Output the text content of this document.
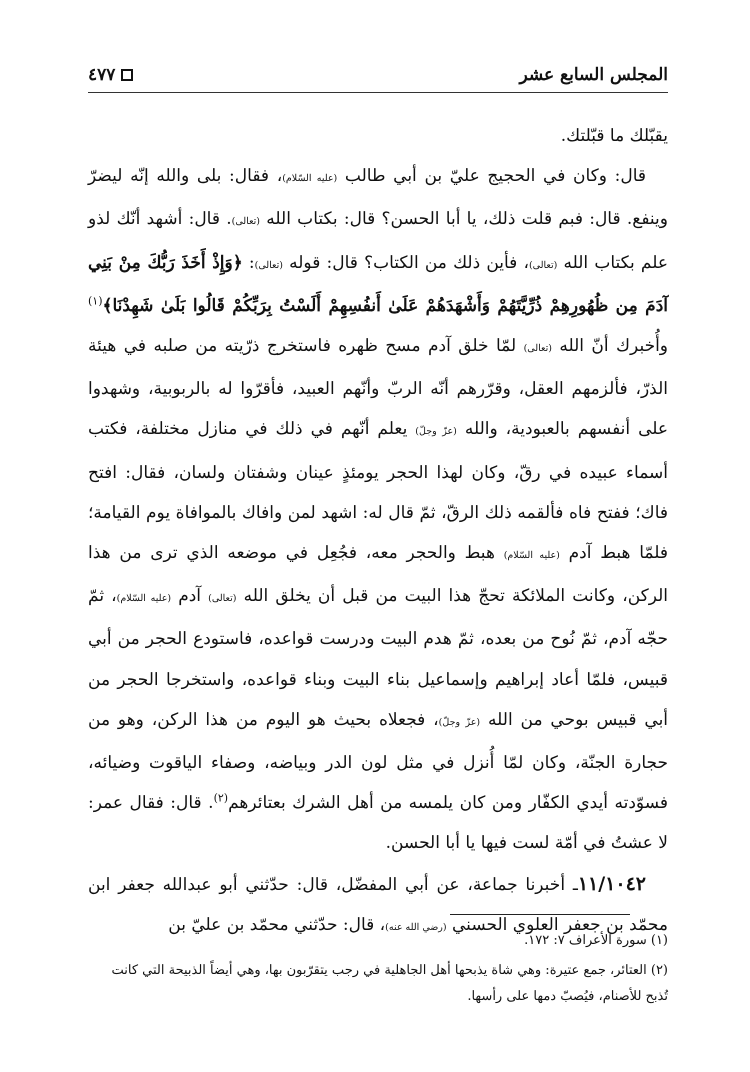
المجلس السابع عشر
٤٧٧

يقبّلك ما قبّلتك.

قال: وكان في الحجيج عليّ بن أبي طالب (عليه السّلام)، فقال: بلى والله إنّه ليضرّ وينفع. قال: فبم قلت ذلك، يا أبا الحسن؟ قال: بكتاب الله (تعالى). قال: أشهد أنّك لذو علم بكتاب الله (تعالى)، فأين ذلك من الكتاب؟ قال: قوله (تعالى): ﴿وَإِذْ أَخَذَ رَبُّكَ مِنْ بَنِي آدَمَ مِن ظُهُورِهِمْ ذُرِّيَّتَهُمْ وَأَشْهَدَهُمْ عَلَىٰ أَنفُسِهِمْ أَلَسْتُ بِرَبِّكُمْ قَالُوا بَلَىٰ شَهِدْنَا﴾$^{(١)}$ وأُخبرك أنّ الله (تعالى) لمّا خلق آدم مسح ظهره فاستخرج ذرّيته من صلبه في هيئة الذرّ، فألزمهم العقل، وقرّرهم أنّه الربّ وأنّهم العبيد، فأقرّوا له بالربوبية، وشهدوا على أنفسهم بالعبودية، والله (عزّ وجلّ) يعلم أنّهم في ذلك في منازل مختلفة، فكتب أسماء عبيده في رقّ، وكان لهذا الحجر يومئذٍ عينان وشفتان ولسان، فقال: افتح فاك؛ ففتح فاه فألقمه ذلك الرقّ، ثمّ قال له: اشهد لمن وافاك بالموافاة يوم القيامة؛ فلمّا هبط آدم (عليه السّلام) هبط والحجر معه، فجُعِل في موضعه الذي ترى من هذا الركن، وكانت الملائكة تحجّ هذا البيت من قبل أن يخلق الله (تعالى) آدم (عليه السّلام)، ثمّ حجّه آدم، ثمّ نُوح من بعده، ثمّ هدم البيت ودرست قواعده، فاستودع الحجر من أبي قبيس، فلمّا أعاد إبراهيم وإسماعيل بناء البيت وبناء قواعده، واستخرجا الحجر من أبي قبيس بوحي من الله (عزّ وجلّ)، فجعلاه بحيث هو اليوم من هذا الركن، وهو من حجارة الجنّة، وكان لمّا أُنزل في مثل لون الدر وبياضه، وصفاء الياقوت وضيائه، فسوّدته أيدي الكفّار ومن كان يلمسه من أهل الشرك بعتائرهم$^{(٢)}$. قال: فقال عمر: لا عشتُ في أمّة لست فيها يا أبا الحسن.

١١/١٠٤٢ـ أخبرنا جماعة، عن أبي المفضّل، قال: حدّثني أبو عبدالله جعفر ابن محمّد بن جعفر العلوي الحسني (رضي الله عنه)، قال: حدّثني محمّد بن عليّ بن

(١) سورة الأعراف ٧: ١٧٢.

(٢) العتائر، جمع عتيرة: وهي شاة يذبحها أهل الجاهلية في رجب يتقرّبون بها، وهي أيضاً الذبيحة التي كانت تُذبح للأصنام، فيُصبّ دمها على رأسها.
